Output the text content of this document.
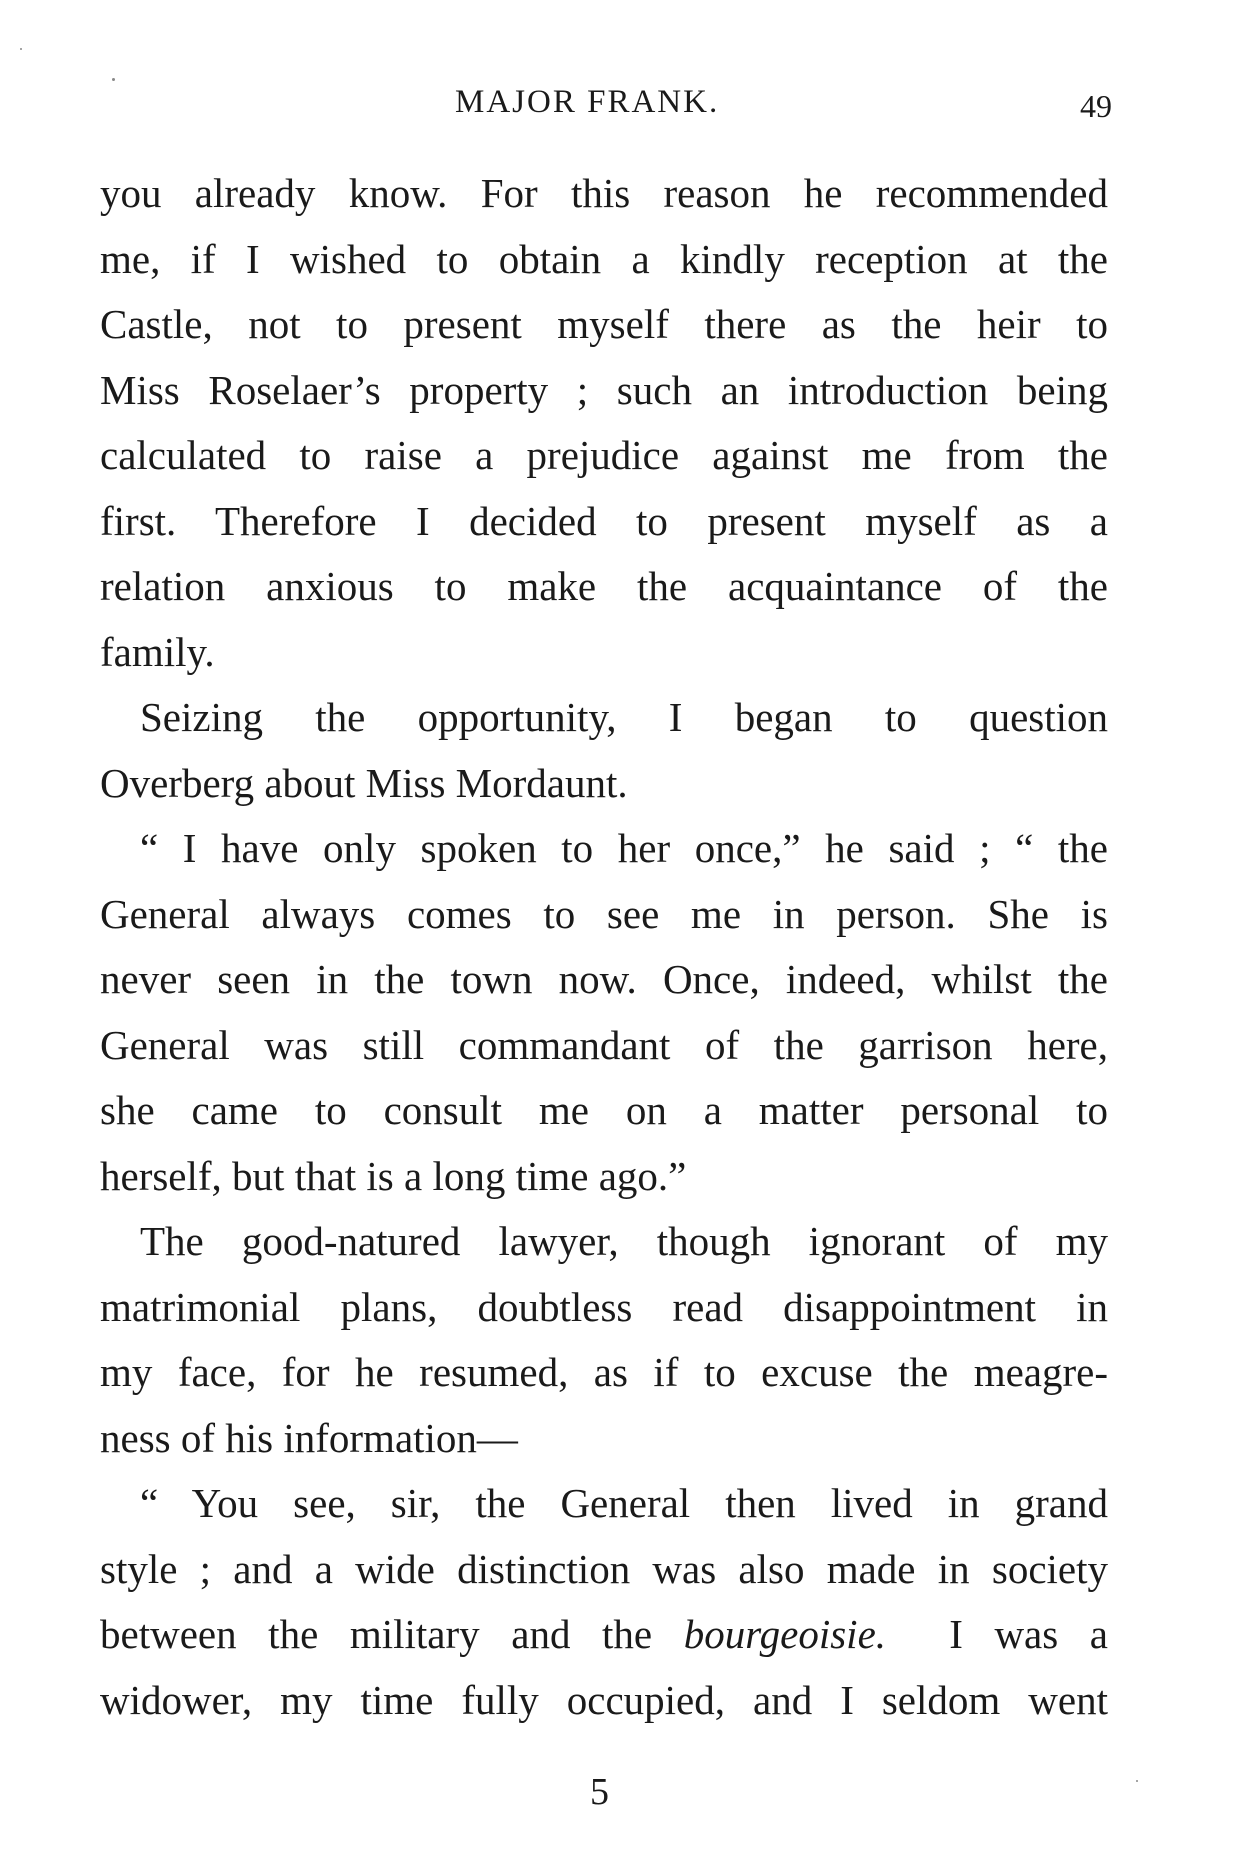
MAJOR FRANK.	49
you already know. For this reason he recommended
me, if I wished to obtain a kindly reception at the
Castle, not to present myself there as the heir to
Miss Roselaer’s property ; such an introduction being
calculated to raise a prejudice against me from the
first. Therefore I decided to present myself as a
relation anxious to make the acquaintance of the
family.
Seizing the opportunity, I began to question
Overberg about Miss Mordaunt.
“ I have only spoken to her once,” he said ; “ the
General always comes to see me in person. She is
never seen in the town now. Once, indeed, whilst the
General was still commandant of the garrison here,
she came to consult me on a matter personal to
herself, but that is a long time ago.”
The good-natured lawyer, though ignorant of my
matrimonial plans, doubtless read disappointment in
my face, for he resumed, as if to excuse the meagre-
ness of his information—
“ You see, sir, the General then lived in grand
style ; and a wide distinction was also made in society
between the military and the bourgeoisie.  I was a
widower, my time fully occupied, and I seldom went
5
